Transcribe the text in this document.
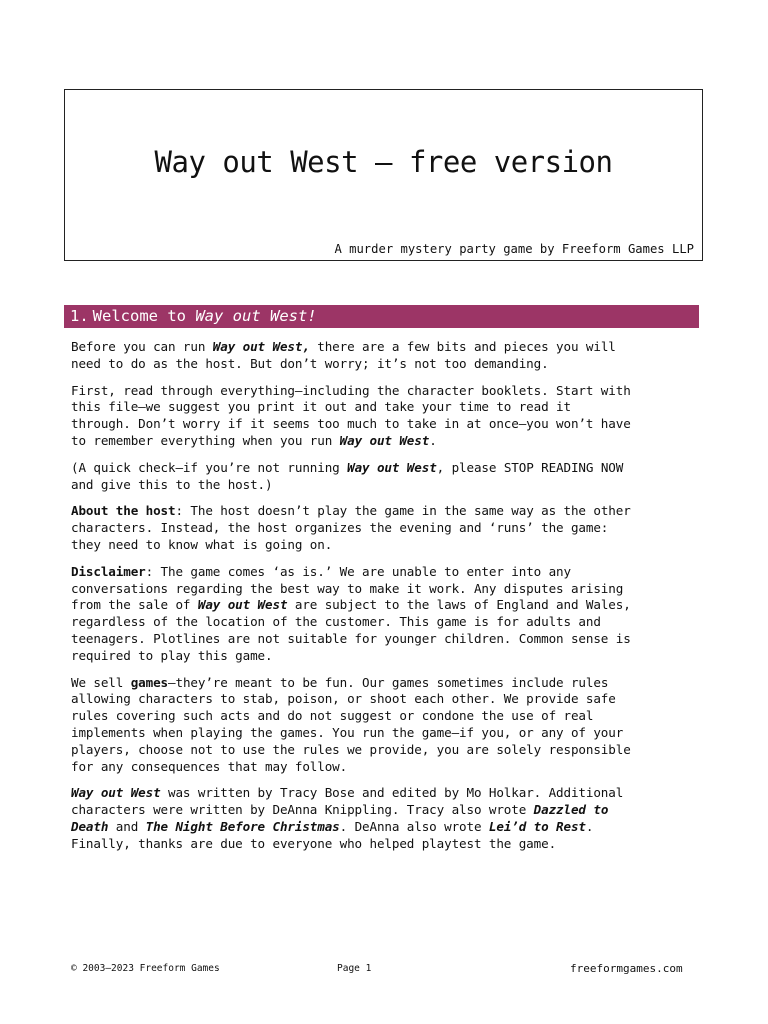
Way out West – free version
A murder mystery party game by Freeform Games LLP
1. Welcome to Way out West!

Before you can run Way out West, there are a few bits and pieces you will
need to do as the host. But don’t worry; it’s not too demanding.

First, read through everything—including the character booklets. Start with
this file—we suggest you print it out and take your time to read it
through. Don’t worry if it seems too much to take in at once—you won’t have
to remember everything when you run Way out West.

(A quick check—if you’re not running Way out West, please STOP READING NOW
and give this to the host.)

About the host: The host doesn’t play the game in the same way as the other
characters. Instead, the host organizes the evening and ‘runs’ the game:
they need to know what is going on.

Disclaimer: The game comes ‘as is.’ We are unable to enter into any
conversations regarding the best way to make it work. Any disputes arising
from the sale of Way out West are subject to the laws of England and Wales,
regardless of the location of the customer. This game is for adults and
teenagers. Plotlines are not suitable for younger children. Common sense is
required to play this game.

We sell games—they’re meant to be fun. Our games sometimes include rules
allowing characters to stab, poison, or shoot each other. We provide safe
rules covering such acts and do not suggest or condone the use of real
implements when playing the games. You run the game—if you, or any of your
players, choose not to use the rules we provide, you are solely responsible
for any consequences that may follow.

Way out West was written by Tracy Bose and edited by Mo Holkar. Additional
characters were written by DeAnna Knippling. Tracy also wrote Dazzled to
Death and The Night Before Christmas. DeAnna also wrote Lei’d to Rest.
Finally, thanks are due to everyone who helped playtest the game.

© 2003–2023 Freeform Games	Page 1	freeformgames.com
